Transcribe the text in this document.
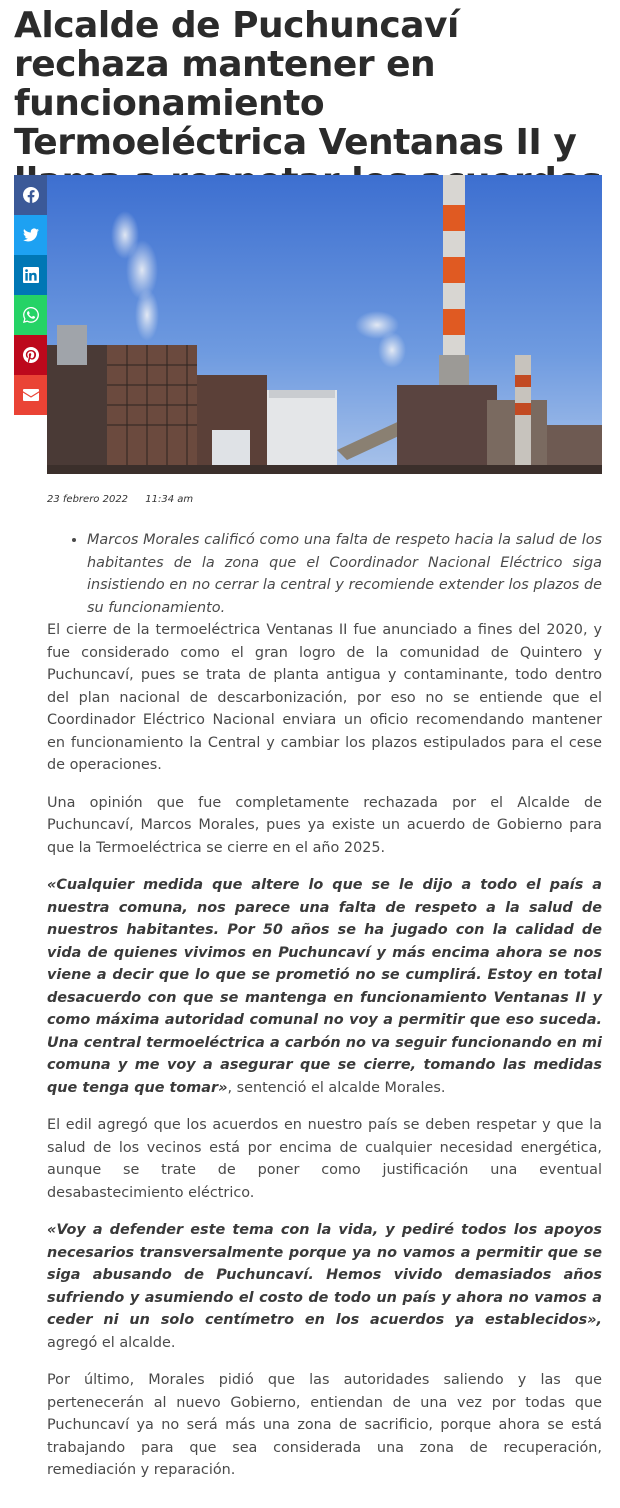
Alcalde de Puchuncaví rechaza mantener en funcionamiento Termoeléctrica Ventanas II y
23 febrero 2022 11:34 am
• Marcos Morales calificó como una falta de respeto hacia la salud de los habitantes de la zona que el Coordinador Nacional Eléctrico siga insistiendo en no cerrar la central y recomiende extender los plazos de su funcionamiento.

El cierre de la termoeléctrica Ventanas II fue anunciado a fines del 2020, y fue considerado como el gran logro de la comunidad de Quintero y Puchuncaví, pues se trata de planta antigua y contaminante, todo dentro del plan nacional de descarbonización, por eso no se entiende que el Coordinador Eléctrico Nacional enviara un oficio recomendando mantener en funcionamiento la Central y cambiar los plazos estipulados para el cese de operaciones.

Una opinión que fue completamente rechazada por el Alcalde de Puchuncaví, Marcos Morales, pues ya existe un acuerdo de Gobierno para que la Termoeléctrica se cierre en el año 2025.

«Cualquier medida que altere lo que se le dijo a todo el país a nuestra comuna, nos parece una falta de respeto a la salud de nuestros habitantes. Por 50 años se ha jugado con la calidad de vida de quienes vivimos en Puchuncaví y más encima ahora se nos viene a decir que lo que se prometió no se cumplirá. Estoy en total desacuerdo con que se mantenga en funcionamiento Ventanas II y como máxima autoridad comunal no voy a permitir que eso suceda. Una central termoeléctrica a carbón no va seguir funcionando en mi comuna y me voy a asegurar que se cierre, tomando las medidas que tenga que tomar», sentenció el alcalde Morales.

El edil agregó que los acuerdos en nuestro país se deben respetar y que la salud de los vecinos está por encima de cualquier necesidad energética, aunque se trate de poner como justificación una eventual desabastecimiento eléctrico.

«Voy a defender este tema con la vida, y pediré todos los apoyos necesarios transversalmente porque ya no vamos a permitir que se siga abusando de Puchuncaví. Hemos vivido demasiados años sufriendo y asumiendo el costo de todo un país y ahora no vamos a ceder ni un solo centímetro en los acuerdos ya establecidos», agregó el alcalde.

Por último, Morales pidió que las autoridades saliendo y las que pertenecerán al nuevo Gobierno, entiendan de una vez por todas que Puchuncaví ya no será más una zona de sacrificio, porque ahora se está trabajando para que sea considerada una zona de recuperación, remediación y reparación.
